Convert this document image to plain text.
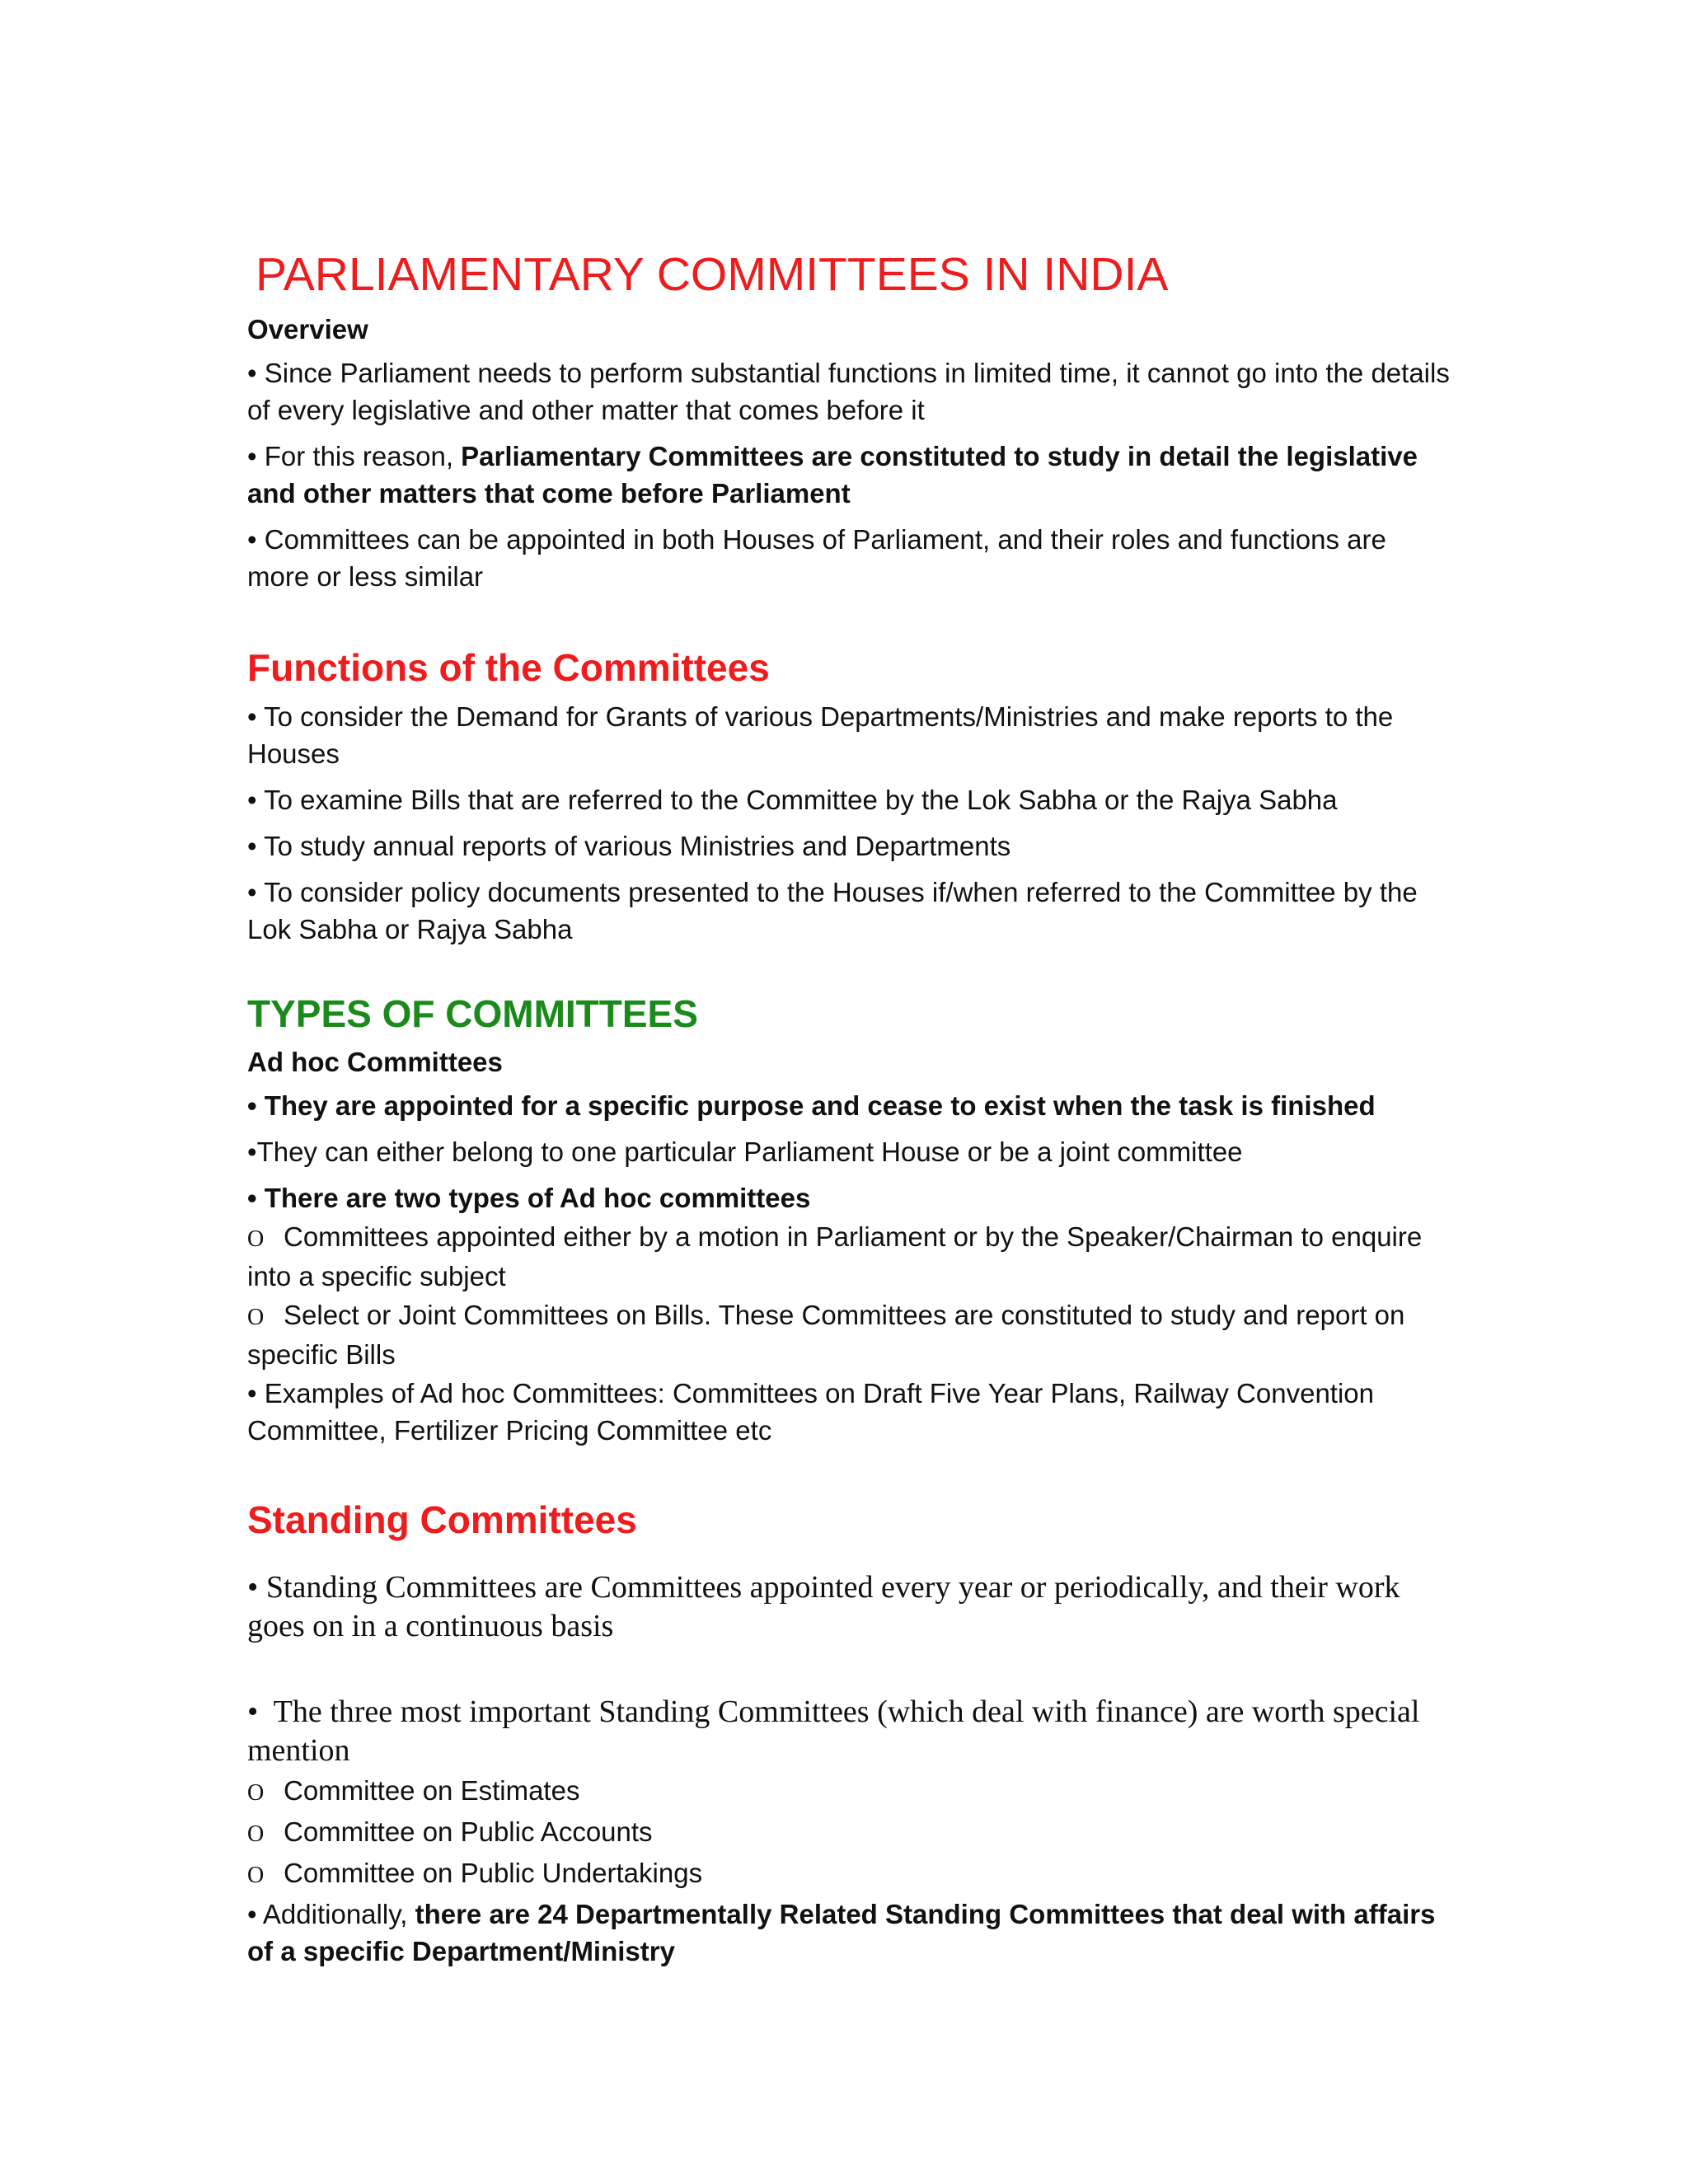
PARLIAMENTARY COMMITTEES IN INDIA
Overview
• Since Parliament needs to perform substantial functions in limited time, it cannot go into the details of every legislative and other matter that comes before it
• For this reason, Parliamentary Committees are constituted to study in detail the legislative and other matters that come before Parliament
• Committees can be appointed in both Houses of Parliament, and their roles and functions are more or less similar
Functions of the Committees
• To consider the Demand for Grants of various Departments/Ministries and make reports to the Houses
• To examine Bills that are referred to the Committee by the Lok Sabha or the Rajya Sabha
• To study annual reports of various Ministries and Departments
• To consider policy documents presented to the Houses if/when referred to the Committee by the Lok Sabha or Rajya Sabha
TYPES OF COMMITTEES
Ad hoc Committees
• They are appointed for a specific purpose and cease to exist when the task is finished
•They can either belong to one particular Parliament House or be a joint committee
• There are two types of Ad hoc committees
O Committees appointed either by a motion in Parliament or by the Speaker/Chairman to enquire into a specific subject
O Select or Joint Committees on Bills. These Committees are constituted to study and report on specific Bills
• Examples of Ad hoc Committees: Committees on Draft Five Year Plans, Railway Convention Committee, Fertilizer Pricing Committee etc
Standing Committees
• Standing Committees are Committees appointed every year or periodically, and their work goes on in a continuous basis
• The three most important Standing Committees (which deal with finance) are worth special mention
O Committee on Estimates
O Committee on Public Accounts
O Committee on Public Undertakings
• Additionally, there are 24 Departmentally Related Standing Committees that deal with affairs of a specific Department/Ministry
